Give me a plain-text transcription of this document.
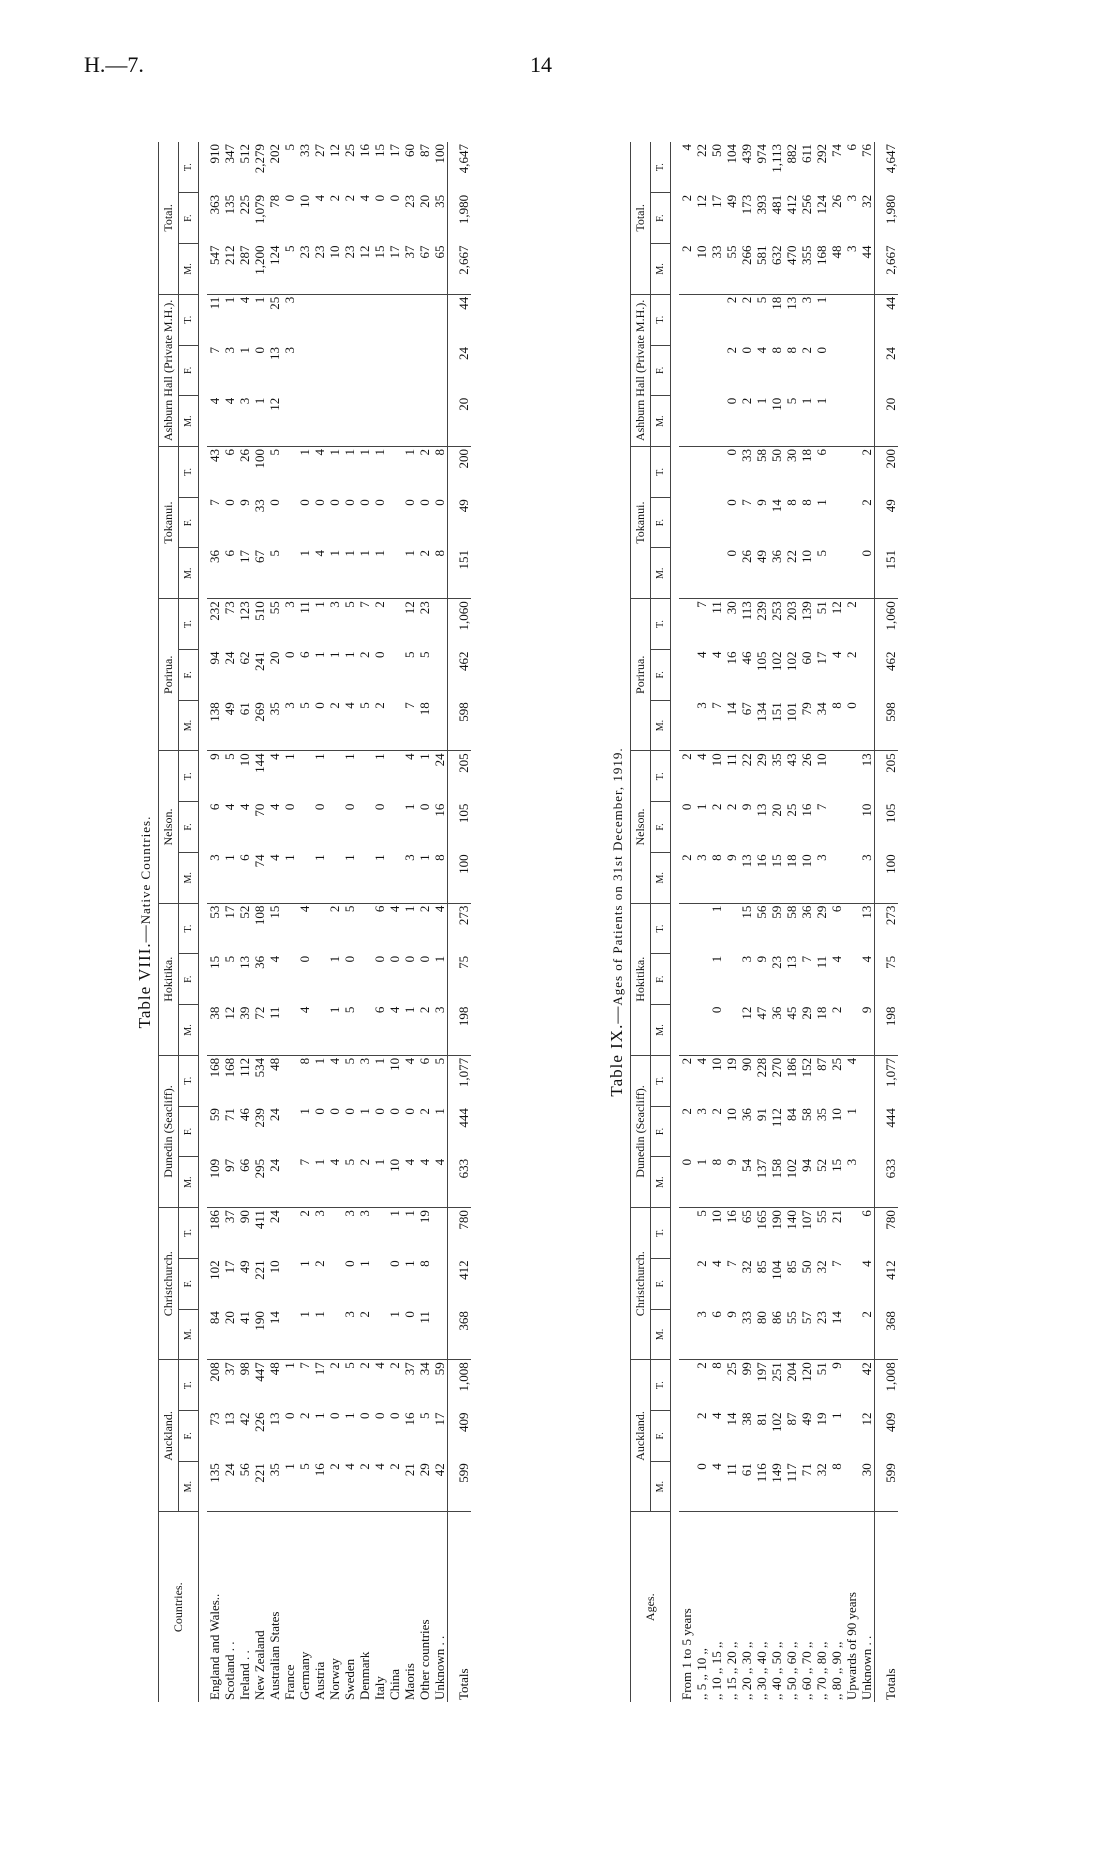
H.—7.	14
Table VIII.—Native Countries.
Countries.	Auckland.			Christchurch.			Dunedin (Seacliff).			Hokitika.			Nelson.			Porirua.			Tokanui.			Ashburn Hall (Private M.H.).			Total.		
	M.	F.	T.	M.	F.	T.	M.	F.	T.	M.	F.	T.	M.	F.	T.	M.	F.	T.	M.	F.	T.	M.	F.	T.	M.	F.	T.

England and Wales..	135	73	208	84	102	186	109	59	168	38	15	53	3	6	9	138	94	232	36	7	43	4	7	11	547	363	910
Scotland . .	24	13	37	20	17	37	97	71	168	12	5	17	1	4	5	49	24	73	6	0	6	4	3	1	212	135	347
Ireland . .	56	42	98	41	49	90	66	46	112	39	13	52	6	4	10	61	62	123	17	9	26	3	1	4	287	225	512
New Zealand	221	226	447	190	221	411	295	239	534	72	36	108	74	70	144	269	241	510	67	33	100	1	0	1	1,200	1,079	2,279
Australian States	35	13	48	14	10	24	24	24	48	11	4	15	4	4	4	35	20	55	5	0	5	12	13	25	124	78	202
France	1	0	1										1	0	1	3	0	3					3	3	5	0	5
Germany	5	2	7	1	1	2	7	1	8	4	0	4				5	6	11	1	0	1				23	10	33
Austria	16	1	17	1	2	3	1	0	1				1	0	1	0	1	1	4	0	4				23	4	27
Norway	2	0	2				4	0	4	1	1	2				2	1	3	1	0	1				10	2	12
Sweden	4	1	5	3	0	3	5	0	5	5	0	5	1	0	1	4	1	5	1	0	1				23	2	25
Denmark	2	0	2	2	1	3	2	1	3							5	2	7	1	0	1				12	4	16
Italy	4	0	4				1	0	1	6	0	6	1	0	1	2	0	2	1	0	1				15	0	15
China	2	0	2	1	0	1	10	0	10	4	0	4													17	0	17
Maoris	21	16	37	0	1	1	4	0	4	1	0	1	3	1	4	7	5	12	1	0	1				37	23	60
Other countries	29	5	34	11	8	19	4	2	6	2	0	2	1	0	1	18	5	23	2	0	2				67	20	87
Unknown . .	42	17	59				4	1	5	3	1	4	8	16	24				8	0	8				65	35	100
Totals	599	409	1,008	368	412	780	633	444	1,077	198	75	273	100	105	205	598	462	1,060	151	49	200	20	24	44	2,667	1,980	4,647
Table IX.—Ages of Patients on 31st December, 1919.
Ages.	Auckland.			Christchurch.			Dunedin (Seacliff).			Hokitika.			Nelson.			Porirua.			Tokanui.			Ashburn Hall (Private M.H.).			Total.		
	M.	F.	T.	M.	F.	T.	M.	F.	T.	M.	F.	T.	M.	F.	T.	M.	F.	T.	M.	F.	T.	M.	F.	T.	M.	F.	T.

From 1 to 5 years							0	2	2				2	0	2										2	2	4
,, 5 ,, 10 ,,	0	2	2	3	2	5	1	3	4				3	1	4	3	4	7							10	12	22
,, 10 ,, 15 ,,	4	4	8	6	4	10	8	2	10	0	1	1	8	2	10	7	4	11							33	17	50
,, 15 ,, 20 ,,	11	14	25	9	7	16	9	10	19				9	2	11	14	16	30	0	0	0	0	2	2	55	49	104
,, 20 ,, 30 ,,	61	38	99	33	32	65	54	36	90	12	3	15	13	9	22	67	46	113	26	7	33	2	0	2	266	173	439
,, 30 ,, 40 ,,	116	81	197	80	85	165	137	91	228	47	9	56	16	13	29	134	105	239	49	9	58	1	4	5	581	393	974
,, 40 ,, 50 ,,	149	102	251	86	104	190	158	112	270	36	23	59	15	20	35	151	102	253	36	14	50	10	8	18	632	481	1,113
,, 50 ,, 60 ,,	117	87	204	55	85	140	102	84	186	45	13	58	18	25	43	101	102	203	22	8	30	5	8	13	470	412	882
,, 60 ,, 70 ,,	71	49	120	57	50	107	94	58	152	29	7	36	10	16	26	79	60	139	10	8	18	1	2	3	355	256	611
,, 70 ,, 80 ,,	32	19	51	23	32	55	52	35	87	18	11	29	3	7	10	34	17	51	5	1	6	1	0	1	168	124	292
,, 80 ,, 90 ,,	8	1	9	14	7	21	15	10	25	2	4	6				8	4	12							48	26	74
Upwards of 90 years							3	1	4							0	2	2							3	3	6
Unknown . .	30	12	42	2	4	6				9	4	13	3	10	13				0	2	2				44	32	76
Totals	599	409	1,008	368	412	780	633	444	1,077	198	75	273	100	105	205	598	462	1,060	151	49	200	20	24	44	2,667	1,980	4,647
